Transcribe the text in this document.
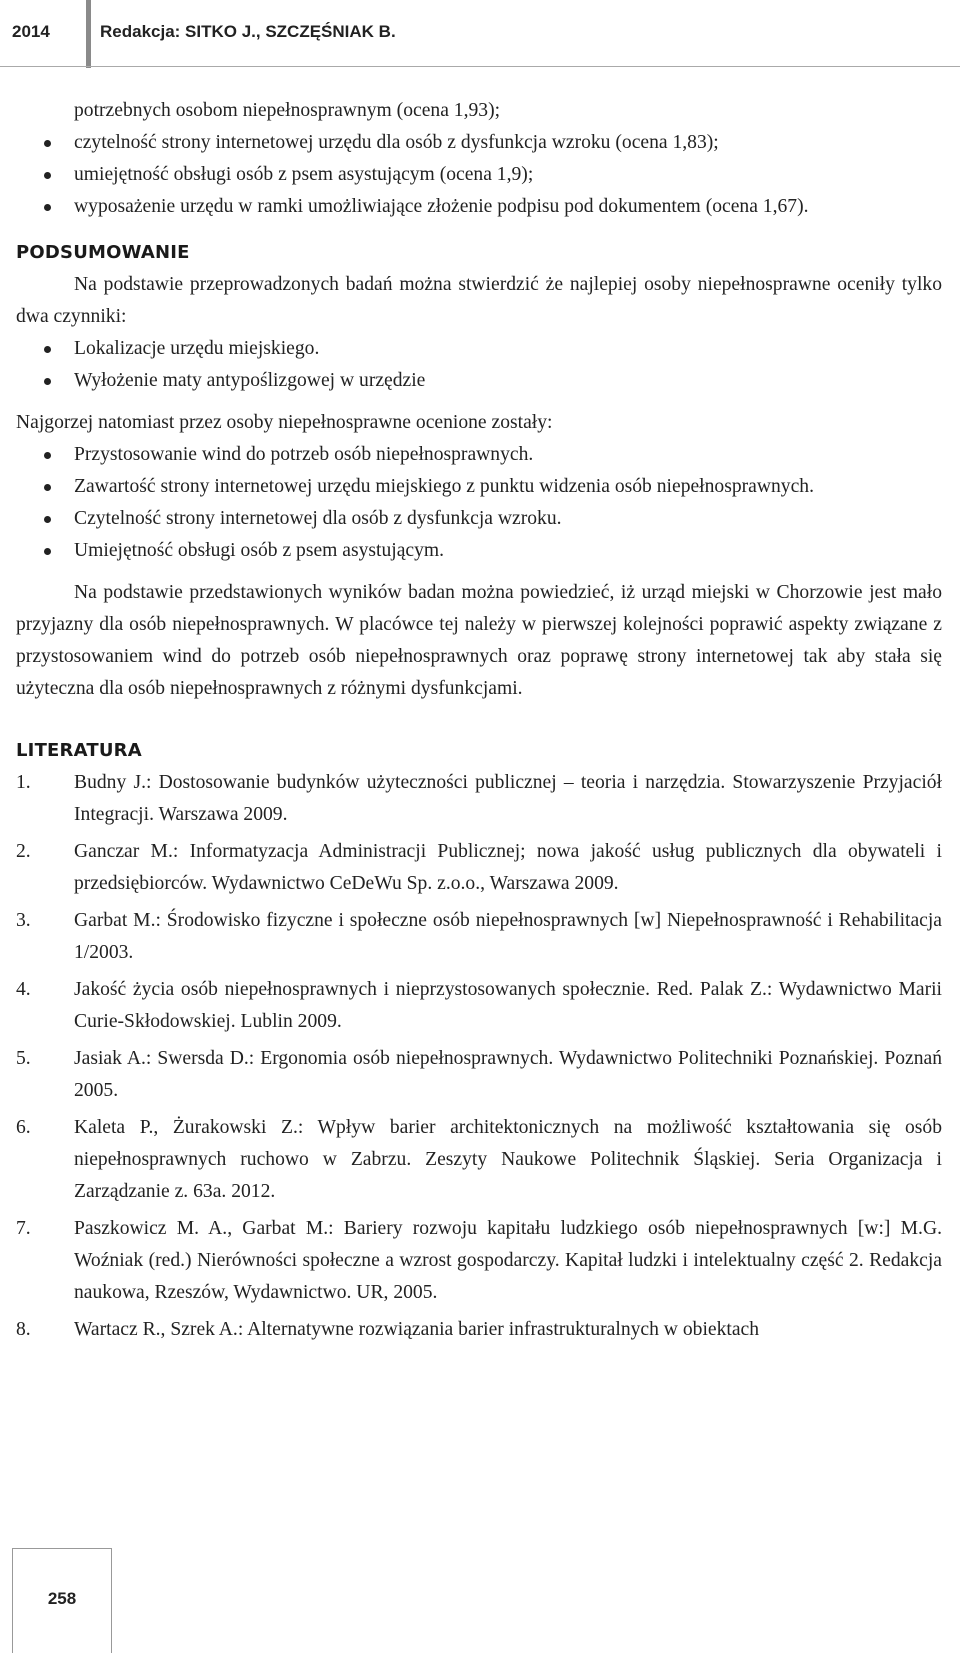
2014	Redakcja: SITKO J., SZCZĘŚNIAK B.
potrzebnych osobom niepełnosprawnym (ocena 1,93);
czytelność strony internetowej urzędu dla osób z dysfunkcja wzroku (ocena 1,83);
umiejętność obsługi osób z psem asystującym (ocena 1,9);
wyposażenie urzędu w ramki umożliwiające złożenie podpisu pod dokumentem (ocena 1,67).
PODSUMOWANIE

Na podstawie przeprowadzonych badań można stwierdzić że najlepiej osoby niepełnosprawne oceniły tylko dwa czynniki:

Lokalizacje urzędu miejskiego.
Wyłożenie maty antypoślizgowej w urzędzie

Najgorzej natomiast przez osoby niepełnosprawne ocenione zostały:

Przystosowanie wind do potrzeb osób niepełnosprawnych.
Zawartość strony internetowej urzędu miejskiego z punktu widzenia osób niepełnosprawnych.
Czytelność strony internetowej dla osób z dysfunkcja wzroku.
Umiejętność obsługi osób z psem asystującym.

Na podstawie przedstawionych wyników badan można powiedzieć, iż urząd miejski w Chorzowie jest mało przyjazny dla osób niepełnosprawnych. W placówce tej należy w pierwszej kolejności poprawić aspekty związane z przystosowaniem wind do potrzeb osób niepełnosprawnych oraz poprawę strony internetowej tak aby stała się użyteczna dla osób niepełnosprawnych z różnymi dysfunkcjami.

LITERATURA
1. Budny J.: Dostosowanie budynków użyteczności publicznej – teoria i narzędzia. Stowarzyszenie Przyjaciół Integracji. Warszawa 2009.
2. Ganczar M.: Informatyzacja Administracji Publicznej; nowa jakość usług publicznych dla obywateli i przedsiębiorców. Wydawnictwo CeDeWu Sp. z.o.o., Warszawa 2009.
3. Garbat M.: Środowisko fizyczne i społeczne osób niepełnosprawnych [w] Niepełnosprawność i Rehabilitacja 1/2003.
4. Jakość życia osób niepełnosprawnych i nieprzystosowanych społecznie. Red. Palak Z.: Wydawnictwo Marii Curie-Skłodowskiej. Lublin 2009.
5. Jasiak A.: Swersda D.: Ergonomia osób niepełnosprawnych. Wydawnictwo Politechniki Poznańskiej. Poznań 2005.
6. Kaleta P., Żurakowski Z.: Wpływ barier architektonicznych na możliwość kształtowania się osób niepełnosprawnych ruchowo w Zabrzu. Zeszyty Naukowe Politechnik Śląskiej. Seria Organizacja i Zarządzanie z. 63a. 2012.
7. Paszkowicz M. A., Garbat M.: Bariery rozwoju kapitału ludzkiego osób niepełnosprawnych [w:] M.G. Woźniak (red.) Nierówności społeczne a wzrost gospodarczy. Kapitał ludzki i intelektualny część 2. Redakcja naukowa, Rzeszów, Wydawnictwo. UR, 2005.
8. Wartacz R., Szrek A.: Alternatywne rozwiązania barier infrastrukturalnych w obiektach
258
